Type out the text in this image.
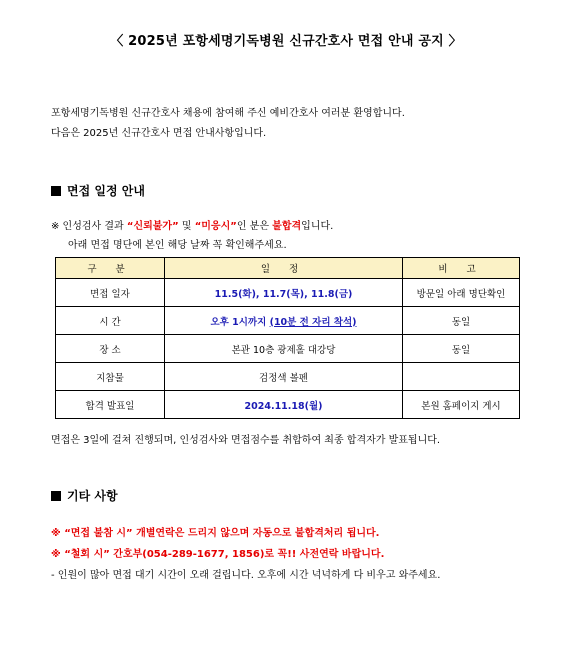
〈 2025년 포항세명기독병원 신규간호사 면접 안내 공지 〉
포항세명기독병원 신규간호사 채용에 참여해 주신 예비간호사 여러분 환영합니다.
다음은 2025년 신규간호사 면접 안내사항입니다.
면접 일정 안내
※ 인성검사 결과 “신뢰불가” 및 “미응시”인 분은 불합격입니다.
아래 면접 명단에 본인 해당 날짜 꼭 확인해주세요.
구 분	일 정	비 고
면접 일자	11.5(화), 11.7(목), 11.8(금)	방문일 아래 명단확인
시 간	오후 1시까지 (10분 전 자리 착석)	동일
장 소	본관 10층 광제홀 대강당	동일
지참물	검정색 볼펜	
합격 발표일	2024.11.18(월)	본원 홈페이지 게시
면접은 3일에 걸쳐 진행되며, 인성검사와 면접점수를 취합하여 최종 합격자가 발표됩니다.
기타 사항
※ “면접 불참 시” 개별연락은 드리지 않으며 자동으로 불합격처리 됩니다.
※ “철회 시” 간호부(054-289-1677, 1856)로 꼭!! 사전연락 바랍니다.
- 인원이 많아 면접 대기 시간이 오래 걸립니다. 오후에 시간 넉넉하게 다 비우고 와주세요.
